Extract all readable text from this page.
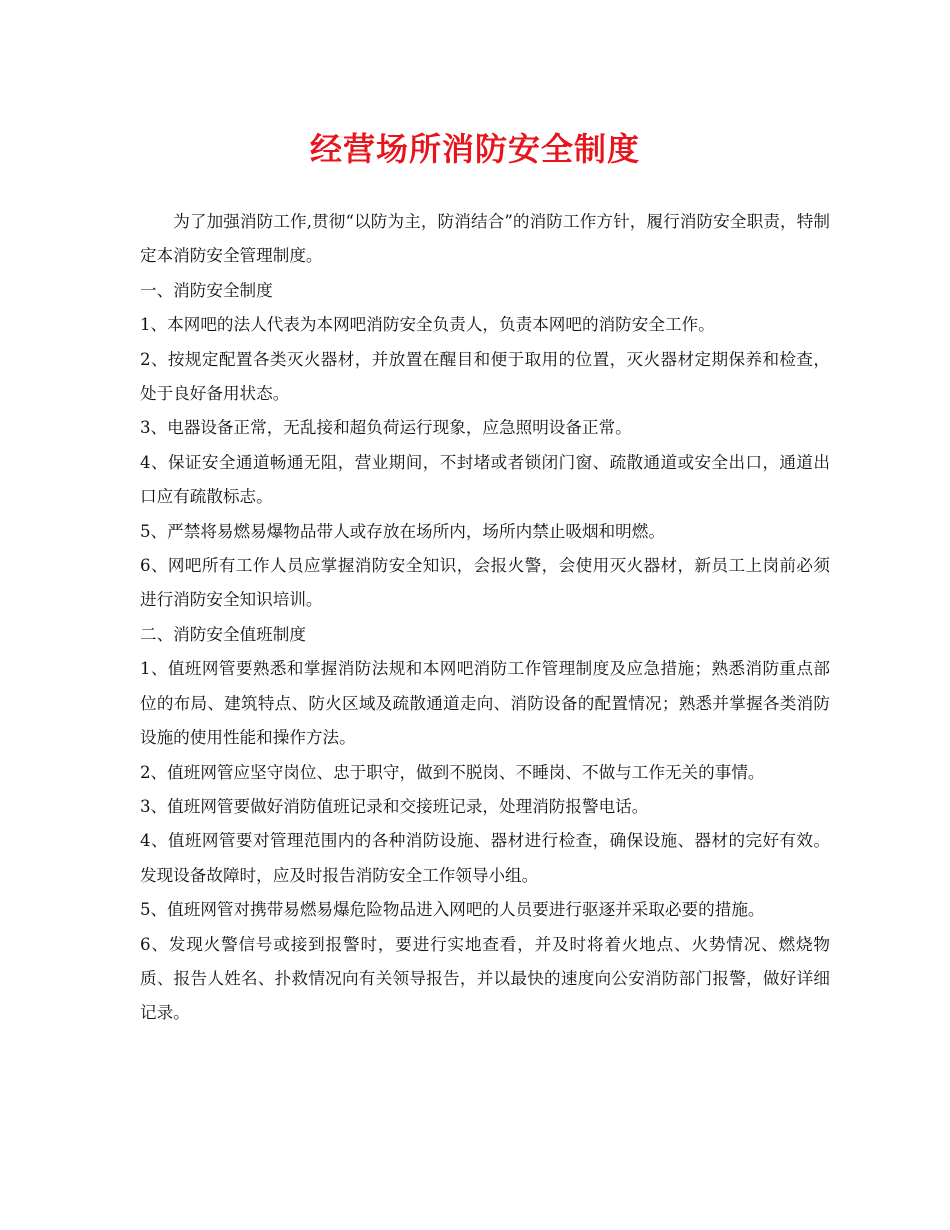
经营场所消防安全制度

为了加强消防工作,贯彻“以防为主，防消结合”的消防工作方针，履行消防安全职责，特制定本消防安全管理制度。

一、消防安全制度

1、本网吧的法人代表为本网吧消防安全负责人，负责本网吧的消防安全工作。

2、按规定配置各类灭火器材，并放置在醒目和便于取用的位置，灭火器材定期保养和检查，处于良好备用状态。

3、电器设备正常，无乱接和超负荷运行现象，应急照明设备正常。

4、保证安全通道畅通无阻，营业期间，不封堵或者锁闭门窗、疏散通道或安全出口，通道出口应有疏散标志。

5、严禁将易燃易爆物品带人或存放在场所内，场所内禁止吸烟和明燃。

6、网吧所有工作人员应掌握消防安全知识，会报火警，会使用灭火器材，新员工上岗前必须进行消防安全知识培训。

二、消防安全值班制度

1、值班网管要熟悉和掌握消防法规和本网吧消防工作管理制度及应急措施；熟悉消防重点部位的布局、建筑特点、防火区域及疏散通道走向、消防设备的配置情况；熟悉并掌握各类消防设施的使用性能和操作方法。

2、值班网管应坚守岗位、忠于职守，做到不脱岗、不睡岗、不做与工作无关的事情。

3、值班网管要做好消防值班记录和交接班记录，处理消防报警电话。

4、值班网管要对管理范围内的各种消防设施、器材进行检查，确保设施、器材的完好有效。发现设备故障时，应及时报告消防安全工作领导小组。

5、值班网管对携带易燃易爆危险物品进入网吧的人员要进行驱逐并采取必要的措施。

6、发现火警信号或接到报警时，要进行实地查看，并及时将着火地点、火势情况、燃烧物质、报告人姓名、扑救情况向有关领导报告，并以最快的速度向公安消防部门报警，做好详细记录。
